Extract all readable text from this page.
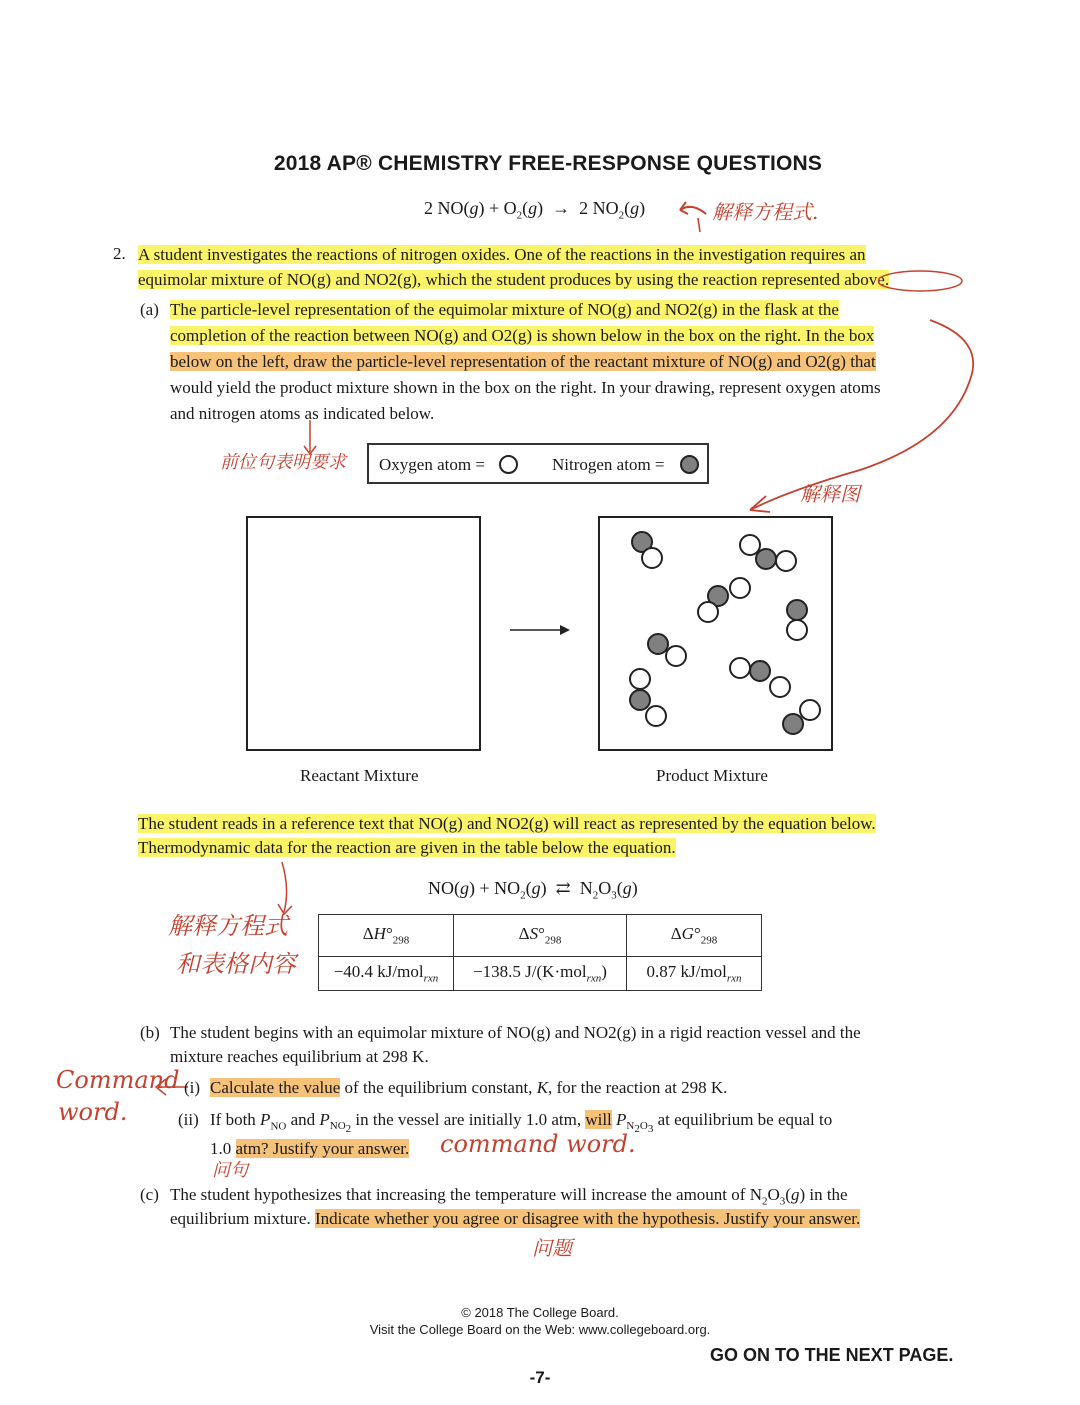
2018 AP® CHEMISTRY FREE-RESPONSE QUESTIONS
2 $NO(g) + O_2(g) \to 2$ $NO_2(g)$	解释方程式.
2. A student investigates the reactions of nitrogen oxides. One of the reactions in the investigation requires an
equimolar mixture of NO(g) and NO2(g), which the student produces by using the reaction represented above.
(a) The particle-level representation of the equimolar mixture of NO(g) and NO2(g) in the flask at the
completion of the reaction between NO(g) and O2(g) is shown below in the box on the right. In the box
below on the left, draw the particle-level representation of the reactant mixture of NO(g) and O2(g) that
would yield the product mixture shown in the box on the right. In your drawing, represent oxygen atoms
and nitrogen atoms as indicated below.
解释图
前位句表明要求 Oxygen atom =	Nitrogen atom =
Reactant Mixture	Product Mixture
The student reads in a reference text that NO(g) and NO2(g) will react as represented by the equation below.
Thermodynamic data for the reaction are given in the table below the equation.
$NO(g) + NO_2(g)$  ⇄  $N_2O_3(g)$
解释方程式
和表格内容
$\Delta H^\circ_{298}$	$\Delta S^\circ_{298}$	$\Delta G^\circ_{298}$
−40.4 kJ/mol$_{rxn}$	−138.5 J/(K·mol$_{rxn}$)	0.87 kJ/mol$_{rxn}$
(b) The student begins with an equimolar mixture of NO(g) and NO2(g) in a rigid reaction vessel and the
mixture reaches equilibrium at 298 K.
Command
word.
(i) Calculate the value of the equilibrium constant, K, for the reaction at 298 K.
(ii) If both $P_{NO}$ and $P_{NO_2}$ in the vessel are initially 1.0 atm, will $P_{N_2O_3}$ at equilibrium be equal to
1.0 atm? Justify your answer. command word.
问句
(c) The student hypothesizes that increasing the temperature will increase the amount of $N_2O_3(g)$ in the
equilibrium mixture. Indicate whether you agree or disagree with the hypothesis. Justify your answer.
问题
© 2018 The College Board.
Visit the College Board on the Web: www.collegeboard.org.
GO ON TO THE NEXT PAGE.
-7-
